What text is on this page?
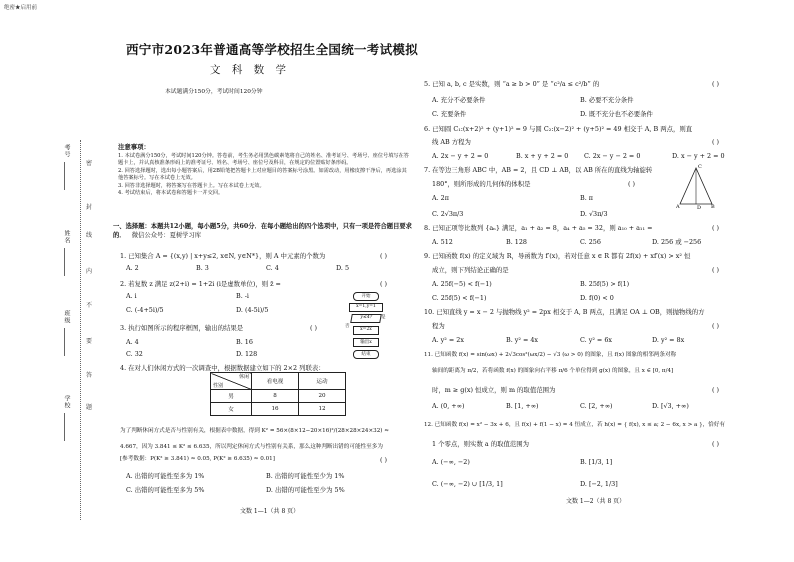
绝密★启用前
考号
姓名
班级
学校
密
封
线
内
不
要
答
题
西宁市2023年普通高等学校招生全国统一考试模拟
文 科 数 学
本试题满分150分，考试时间120分钟
注意事项：
1. 本试卷满分150分，考试时间120分钟。答卷前，考生务必用黑色碳素笔将自己的姓名、准考证号、考场号、座位号填写在答题卡上，并认真核准条形码上的准考证号、姓名、考场号、座位号及科目，在规定的位置贴好条形码。
2. 回答选择题时，选出每小题答案后，用2B铅笔把答题卡上对应题目的答案标号涂黑。如需改动，用橡皮擦干净后，再选涂其他答案标号。写在本试卷上无效。
3. 回答非选择题时，将答案写在答题卡上。写在本试卷上无效。
4. 考试结束后，将本试卷和答题卡一并交回。
一、选择题：本题共12小题，每小题5分，共60分．在每小题给出的四个选项中，只有一项是符合题目要求的． 微信公众号：夏树学习库
1. 已知集合 A = {(x,y) | x+y≤2, x∈N, y∈N*}，则 A 中元素的个数为	( )
A. 2	B. 3	C. 4	D. 5
2. 若复数 z 满足 z(2+i) = 1+2i (i是虚数单位)，则 z̄ =	( )
A. i	B. -i
C. (-4+5i)/5	D. (4-5i)/5
3. 执行如图所示的程序框图，输出的结果是	( )
A. 4	B. 16
C. 32	D. 128
开始
x=1,y=1
y≤4?	是
否
x=2x
输出x
结束
4. 在对人们休闲方式的一次调查中，根据数据建立如下的 2×2 列联表：
休闲
性别	看电视	运动
男	8	20
女	16	12
为了判断休闲方式是否与性别有关，根据表中数据，得到 K² = 56×(8×12−20×16)²/(28×28×24×32) ≈
4.667，因为 3.841 ≤ K² ≤ 6.635，所以判定休闲方式与性别有关系，那么这种判断出错的可能性至多为
[参考数据：P(K² ≥ 3.841) ≈ 0.05, P(K² ≥ 6.635) ≈ 0.01]	( )
A. 出错的可能性至多为 1%	B. 出错的可能性至少为 1%
C. 出错的可能性至多为 5%	D. 出错的可能性至少为 5%
文数 1—1（共 8 页）
5. 已知 a, b, c 是实数，则 “a ≥ b > 0” 是 “c²/a ≤ c²/b” 的	( )
A. 充分不必要条件	B. 必要不充分条件
C. 充要条件	D. 既不充分也不必要条件
6. 已知圆 C₁:(x+2)² + (y+1)² = 9 与圆 C₂:(x−2)² + (y+5)² = 49 相交于 A, B 两点，则直
线 AB 方程为	( )
A. 2x − y + 2 = 0	B. x + y + 2 = 0 C. 2x − y − 2 = 0	D. x − y + 2 = 0
7. 在等边三角形 ABC 中，AB = 2，且 CD ⊥ AB，以 AB 所在的直线为轴旋转
180°，则所形成的几何体的体积是	( )
A. 2π	B. π
C. 2√3π/3	D. √3π/3
C
A	B
D
8. 已知正项等比数列 {aₙ} 满足，a₁ + a₂ = 8，a₄ + a₅ = 32，则 a₁₀ + a₁₁ =	( )
A. 512	B. 128	C. 256	D. 256 或 −256
9. 已知函数 f(x) 的定义域为 R，导函数为 f′(x)，若对任意 x ∈ R 都有 2f(x) + xf′(x) > x² 恒
成立，则下列结论正确的是	( )
A. 25f(−5) < f(−1)	B. 25f(5) > f(1)
C. 25f(5) < f(−1)	D. f(0) < 0
10. 已知直线 y = x − 2 与抛物线 y² = 2px 相交于 A, B 两点，且满足 OA ⊥ OB，则抛物线的方
程为	( )
A. y² = 2x	B. y² = 4x	C. y² = 6x	D. y² = 8x
11. 已知函数 f(x) = sin(ωx) + 2√3cos²(ωx/2) − √3 (ω > 0) 的图象，且 f(x) 图象的相邻两条对称
轴间的距离为 π/2，若将函数 f(x) 的图象向右平移 π/6 个单位得到 g(x) 的图象，且 x ∈ [0, π/4]
时，m ≥ g(x) 恒成立，则 m 的取值范围为	( )
A. (0, +∞)	B. [1, +∞)	C. [2, +∞)	D. [√3, +∞)
12. 已知函数 f(x) = x² − 3x + 6，且 f(x) + f(1 − x) = 4 恒成立，若 h(x) = { f(x), x ≤ a; 2 − 6x, x > a }，恰好有
1 个零点，则实数 a 的取值范围为	( )
A. (−∞, −2)	B. [1/3, 1]
C. (−∞, −2) ∪ [1/3, 1]	D. [−2, 1/3]
文数 1—2（共 8 页）
